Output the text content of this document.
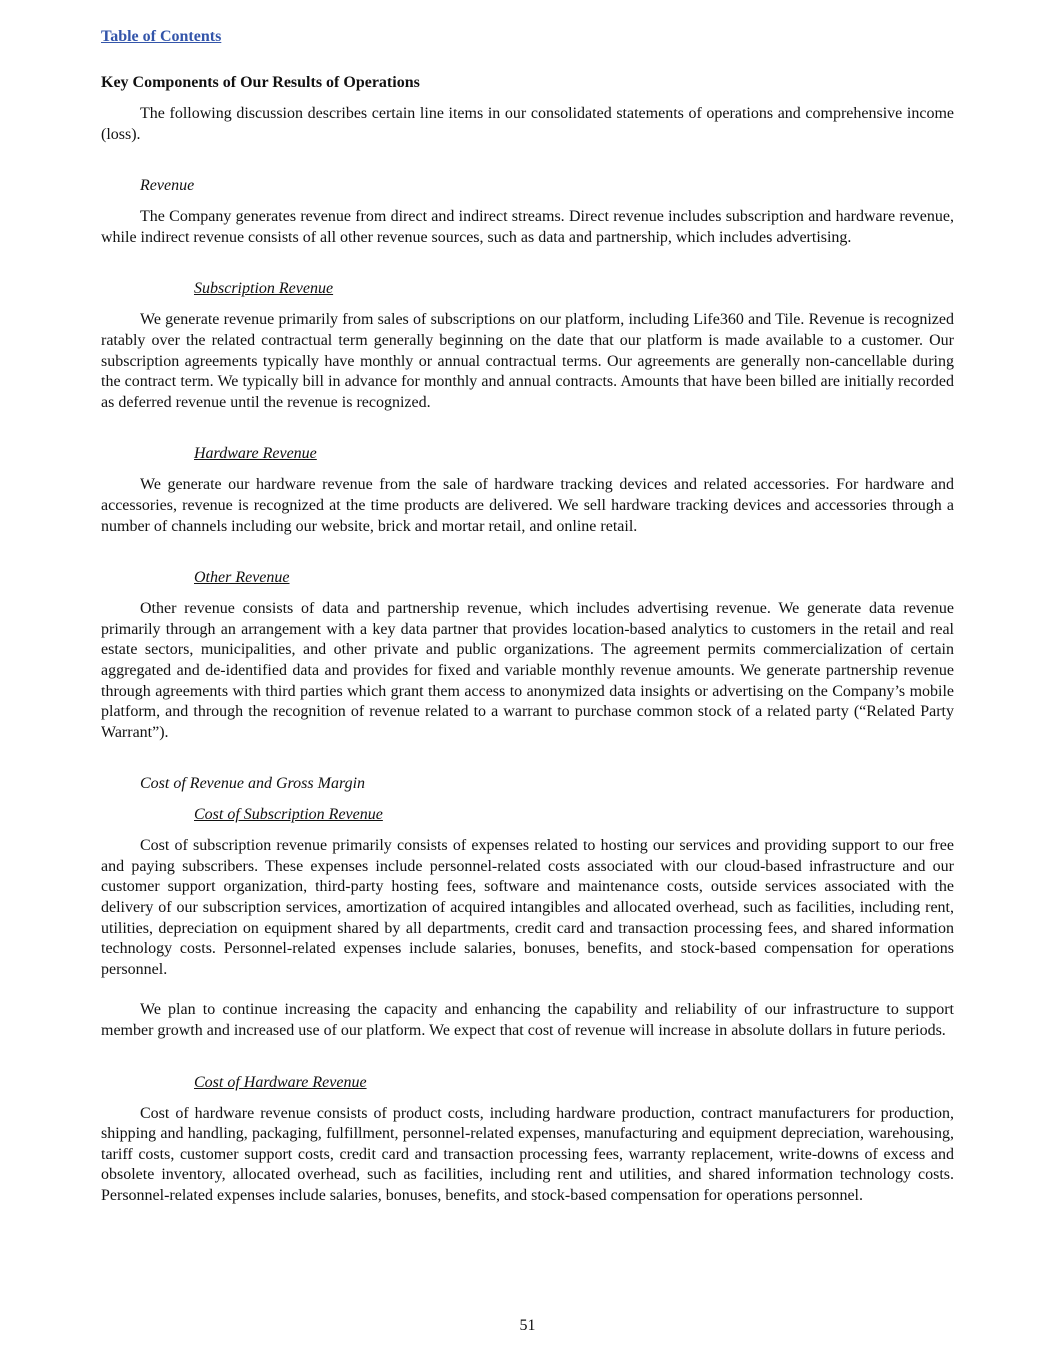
Table of Contents
Key Components of Our Results of Operations

The following discussion describes certain line items in our consolidated statements of operations and comprehensive income (loss).

Revenue

The Company generates revenue from direct and indirect streams. Direct revenue includes subscription and hardware revenue, while indirect revenue consists of all other revenue sources, such as data and partnership, which includes advertising.

Subscription Revenue

We generate revenue primarily from sales of subscriptions on our platform, including Life360 and Tile. Revenue is recognized ratably over the related contractual term generally beginning on the date that our platform is made available to a customer. Our subscription agreements typically have monthly or annual contractual terms. Our agreements are generally non-cancellable during the contract term. We typically bill in advance for monthly and annual contracts. Amounts that have been billed are initially recorded as deferred revenue until the revenue is recognized.

Hardware Revenue

We generate our hardware revenue from the sale of hardware tracking devices and related accessories. For hardware and accessories, revenue is recognized at the time products are delivered. We sell hardware tracking devices and accessories through a number of channels including our website, brick and mortar retail, and online retail.

Other Revenue

Other revenue consists of data and partnership revenue, which includes advertising revenue. We generate data revenue primarily through an arrangement with a key data partner that provides location-based analytics to customers in the retail and real estate sectors, municipalities, and other private and public organizations. The agreement permits commercialization of certain aggregated and de-identified data and provides for fixed and variable monthly revenue amounts. We generate partnership revenue through agreements with third parties which grant them access to anonymized data insights or advertising on the Company’s mobile platform, and through the recognition of revenue related to a warrant to purchase common stock of a related party (“Related Party Warrant”).

Cost of Revenue and Gross Margin
Cost of Subscription Revenue

Cost of subscription revenue primarily consists of expenses related to hosting our services and providing support to our free and paying subscribers. These expenses include personnel-related costs associated with our cloud-based infrastructure and our customer support organization, third-party hosting fees, software and maintenance costs, outside services associated with the delivery of our subscription services, amortization of acquired intangibles and allocated overhead, such as facilities, including rent, utilities, depreciation on equipment shared by all departments, credit card and transaction processing fees, and shared information technology costs. Personnel-related expenses include salaries, bonuses, benefits, and stock-based compensation for operations personnel.

We plan to continue increasing the capacity and enhancing the capability and reliability of our infrastructure to support member growth and increased use of our platform. We expect that cost of revenue will increase in absolute dollars in future periods.

Cost of Hardware Revenue

Cost of hardware revenue consists of product costs, including hardware production, contract manufacturers for production, shipping and handling, packaging, fulfillment, personnel-related expenses, manufacturing and equipment depreciation, warehousing, tariff costs, customer support costs, credit card and transaction processing fees, warranty replacement, write-downs of excess and obsolete inventory, allocated overhead, such as facilities, including rent and utilities, and shared information technology costs. Personnel-related expenses include salaries, bonuses, benefits, and stock-based compensation for operations personnel.

51
